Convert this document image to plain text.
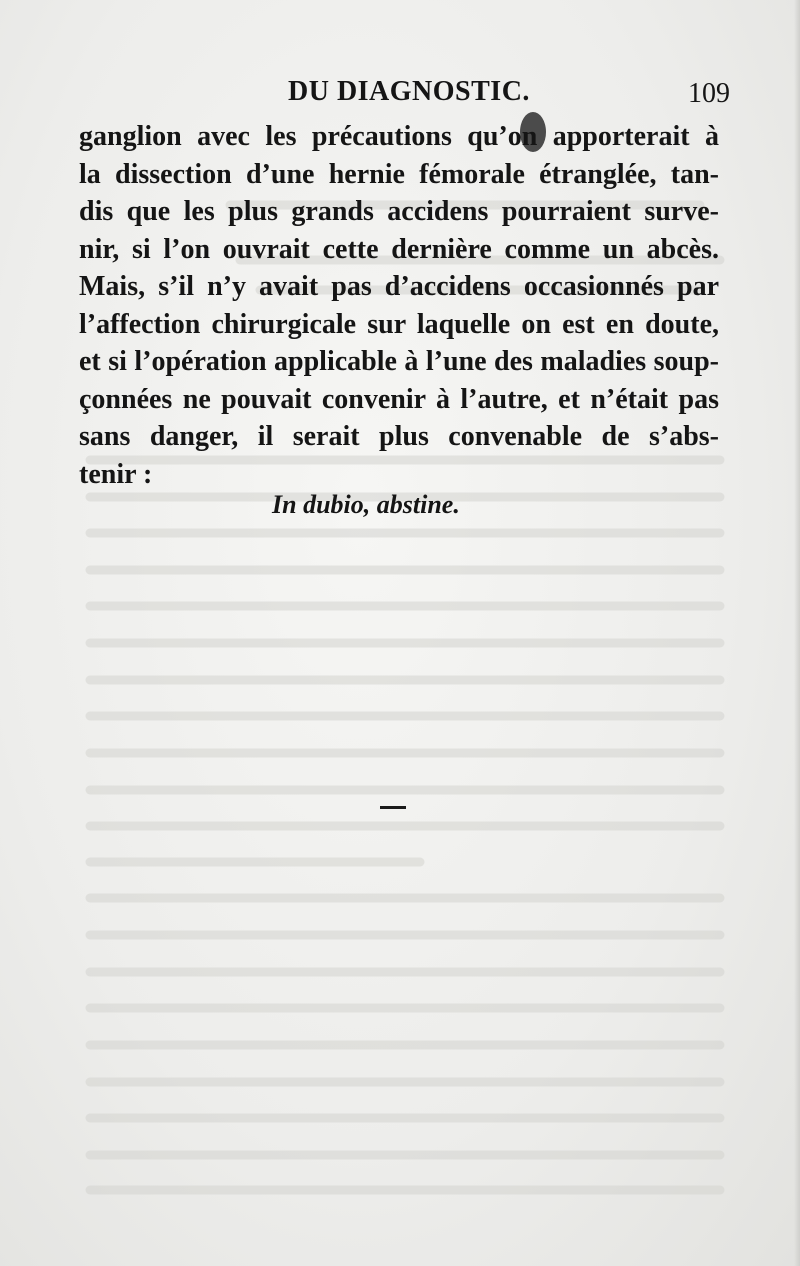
DU DIAGNOSTIC.	109
ganglion avec les précautions qu’on apporterait à
la dissection d’une hernie fémorale étranglée, tan-
dis que les plus grands accidens pourraient surve-
nir, si l’on ouvrait cette dernière comme un abcès.
Mais, s’il n’y avait pas d’accidens occasionnés par
l’affection chirurgicale sur laquelle on est en doute,
et si l’opération applicable à l’une des maladies soup-
çonnées ne pouvait convenir à l’autre, et n’était pas
sans danger, il serait plus convenable de s’abs-
tenir :
In dubio, abstine.
